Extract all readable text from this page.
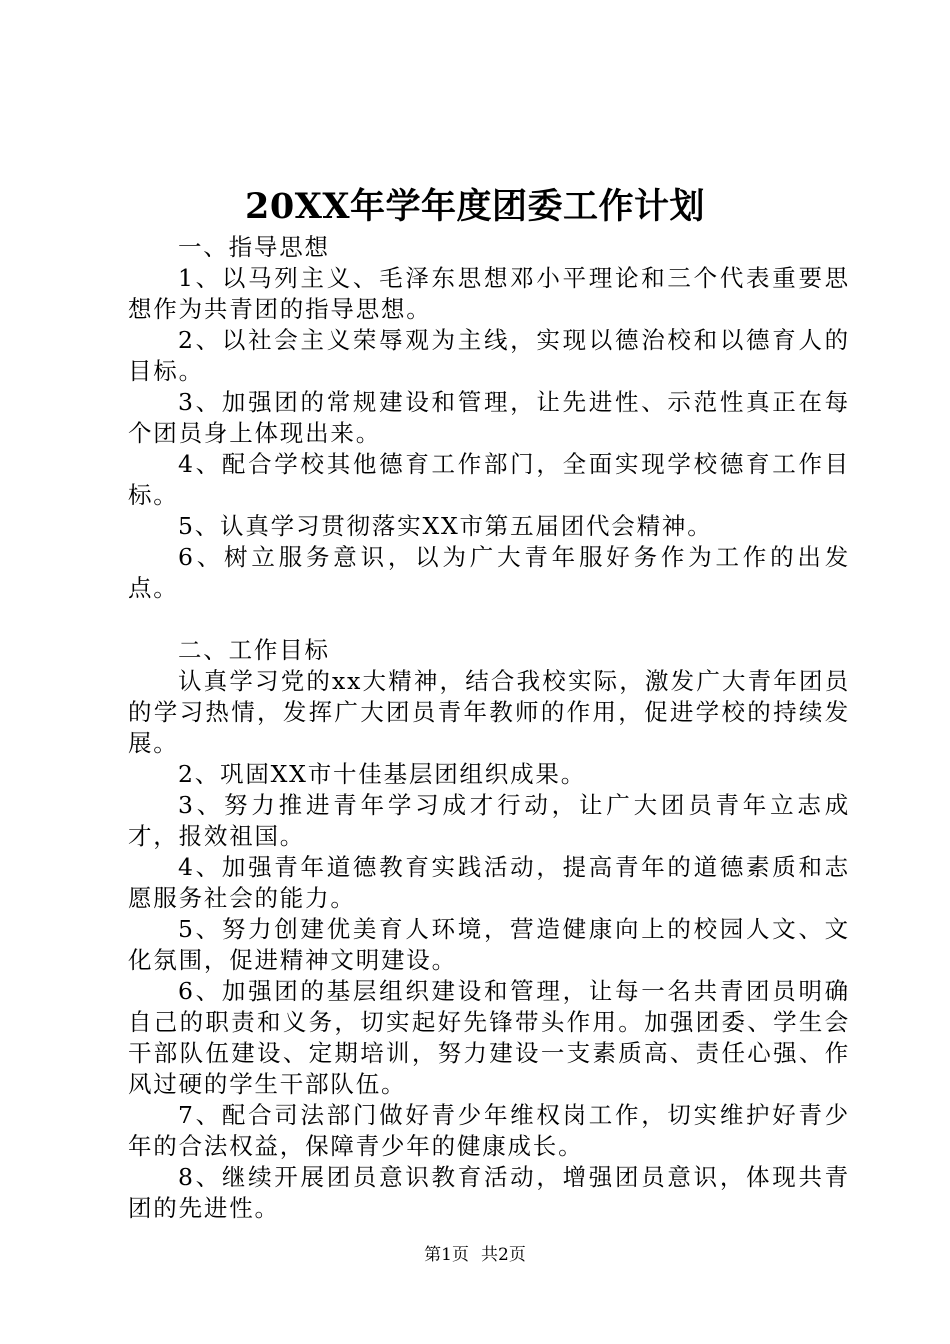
20XX年学年度团委工作计划

一、指导思想

1、以马列主义、毛泽东思想邓小平理论和三个代表重要思想作为共青团的指导思想。

2、以社会主义荣辱观为主线，实现以德治校和以德育人的目标。

3、加强团的常规建设和管理，让先进性、示范性真正在每个团员身上体现出来。

4、配合学校其他德育工作部门，全面实现学校德育工作目标。

5、认真学习贯彻落实XX市第五届团代会精神。

6、树立服务意识，以为广大青年服好务作为工作的出发点。

二、工作目标

认真学习党的xx大精神，结合我校实际，激发广大青年团员的学习热情，发挥广大团员青年教师的作用，促进学校的持续发展。

2、巩固XX市十佳基层团组织成果。

3、努力推进青年学习成才行动，让广大团员青年立志成才，报效祖国。

4、加强青年道德教育实践活动，提高青年的道德素质和志愿服务社会的能力。

5、努力创建优美育人环境，营造健康向上的校园人文、文化氛围，促进精神文明建设。

6、加强团的基层组织建设和管理，让每一名共青团员明确自己的职责和义务，切实起好先锋带头作用。加强团委、学生会干部队伍建设、定期培训，努力建设一支素质高、责任心强、作风过硬的学生干部队伍。

7、配合司法部门做好青少年维权岗工作，切实维护好青少年的合法权益，保障青少年的健康成长。

8、继续开展团员意识教育活动，增强团员意识，体现共青团的先进性。

第1页 共2页
